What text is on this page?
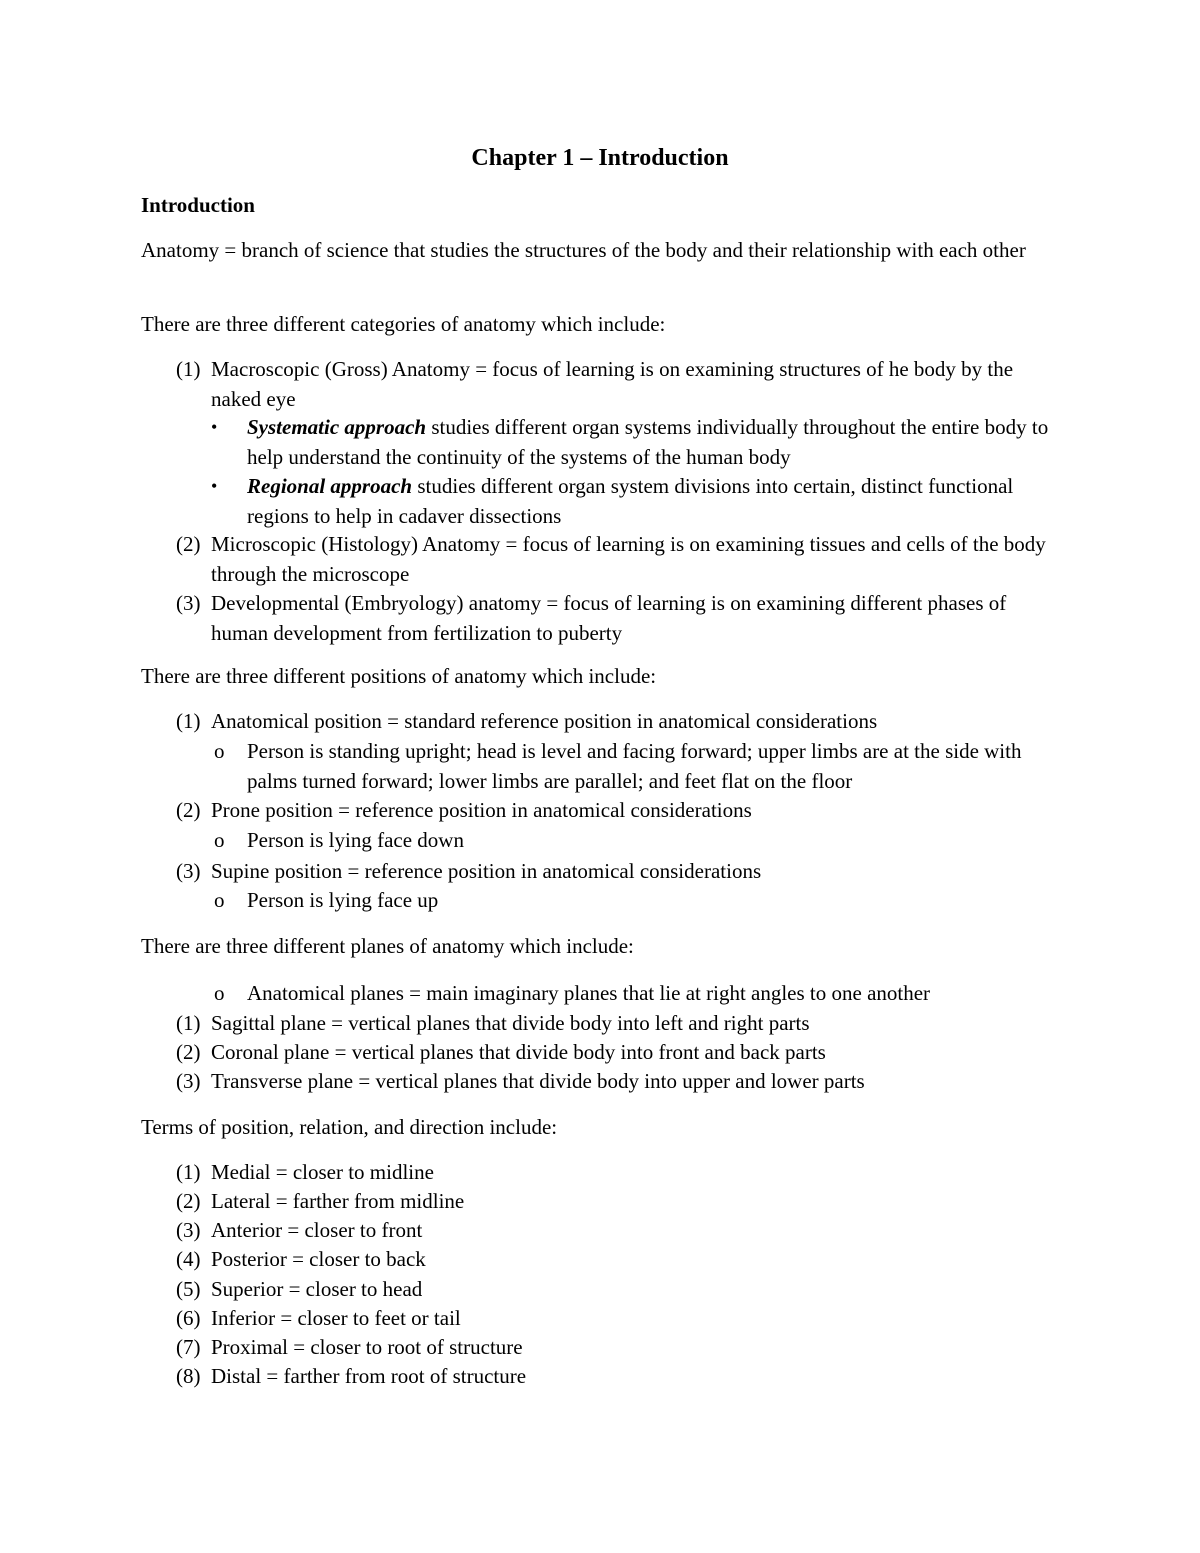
Chapter 1 – Introduction
Introduction
Anatomy = branch of science that studies the structures of the body and their relationship with each other
There are three different categories of anatomy which include:
(1) Macroscopic (Gross) Anatomy = focus of learning is on examining structures of he body by the naked eye
• Systematic approach studies different organ systems individually throughout the entire body to help understand the continuity of the systems of the human body
• Regional approach studies different organ system divisions into certain, distinct functional regions to help in cadaver dissections
(2) Microscopic (Histology) Anatomy = focus of learning is on examining tissues and cells of the body through the microscope
(3) Developmental (Embryology) anatomy = focus of learning is on examining different phases of human development from fertilization to puberty
There are three different positions of anatomy which include:
(1) Anatomical position = standard reference position in anatomical considerations
o Person is standing upright; head is level and facing forward; upper limbs are at the side with palms turned forward; lower limbs are parallel; and feet flat on the floor
(2) Prone position = reference position in anatomical considerations
o Person is lying face down
(3) Supine position = reference position in anatomical considerations
o Person is lying face up
There are three different planes of anatomy which include:
o Anatomical planes = main imaginary planes that lie at right angles to one another
(1) Sagittal plane = vertical planes that divide body into left and right parts
(2) Coronal plane = vertical planes that divide body into front and back parts
(3) Transverse plane = vertical planes that divide body into upper and lower parts
Terms of position, relation, and direction include:
(1) Medial = closer to midline
(2) Lateral = farther from midline
(3) Anterior = closer to front
(4) Posterior = closer to back
(5) Superior = closer to head
(6) Inferior = closer to feet or tail
(7) Proximal = closer to root of structure
(8) Distal = farther from root of structure
